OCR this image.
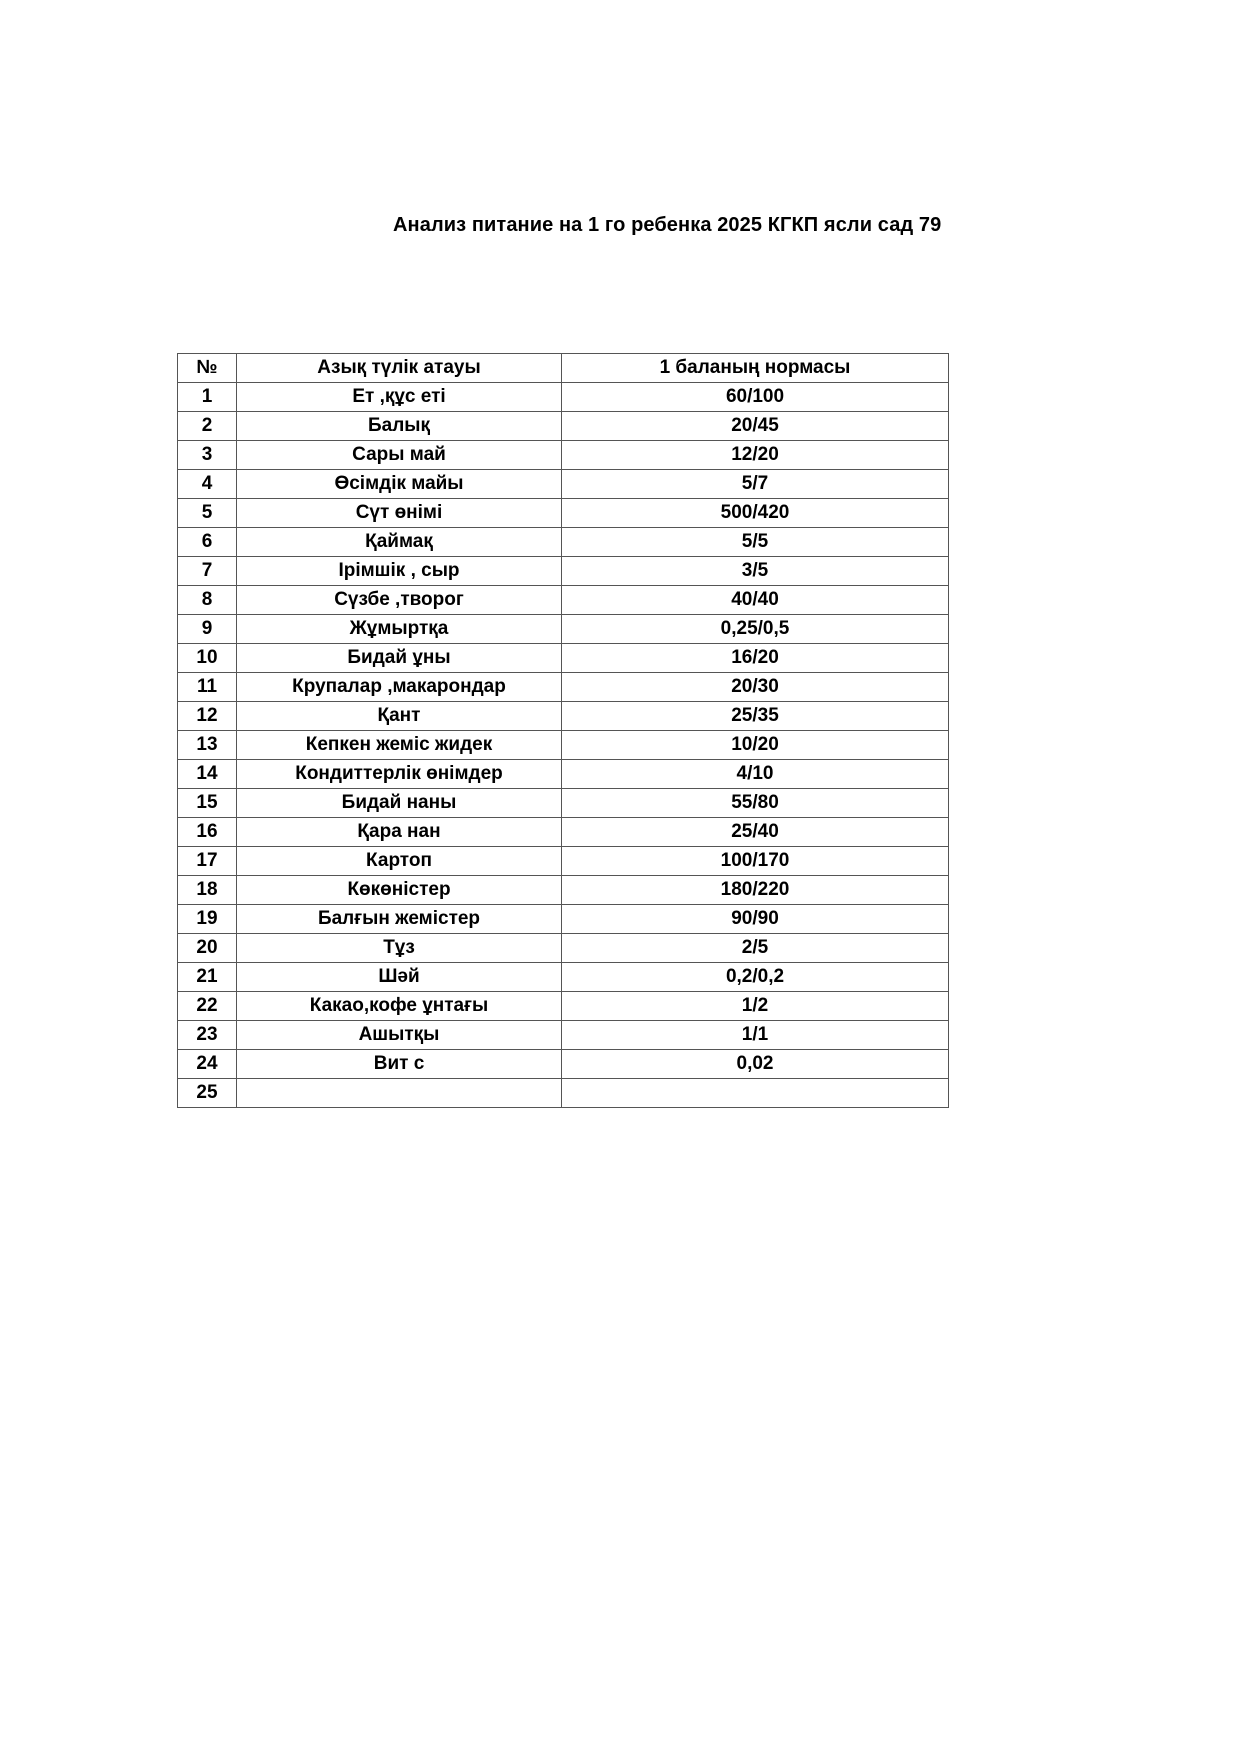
Анализ питание на 1 го ребенка 2025 КГКП ясли сад 79
№	Азық түлік атауы	1 баланың нормасы
1	Ет ,құс еті	60/100
2	Балық	20/45
3	Сары май	12/20
4	Өсімдік майы	5/7
5	Сүт өнімі	500/420
6	Қаймақ	5/5
7	Ірімшік , сыр	3/5
8	Сүзбе ,творог	40/40
9	Жұмыртқа	0,25/0,5
10	Бидай ұны	16/20
11	Крупалар ,макарондар	20/30
12	Қант	25/35
13	Кепкен жеміс жидек	10/20
14	Кондиттерлік өнімдер	4/10
15	Бидай наны	55/80
16	Қара нан	25/40
17	Картоп	100/170
18	Көкөністер	180/220
19	Балғын жемістер	90/90
20	Тұз	2/5
21	Шәй	0,2/0,2
22	Какао,кофе ұнтағы	1/2
23	Ашытқы	1/1
24	Вит с	0,02
25		
